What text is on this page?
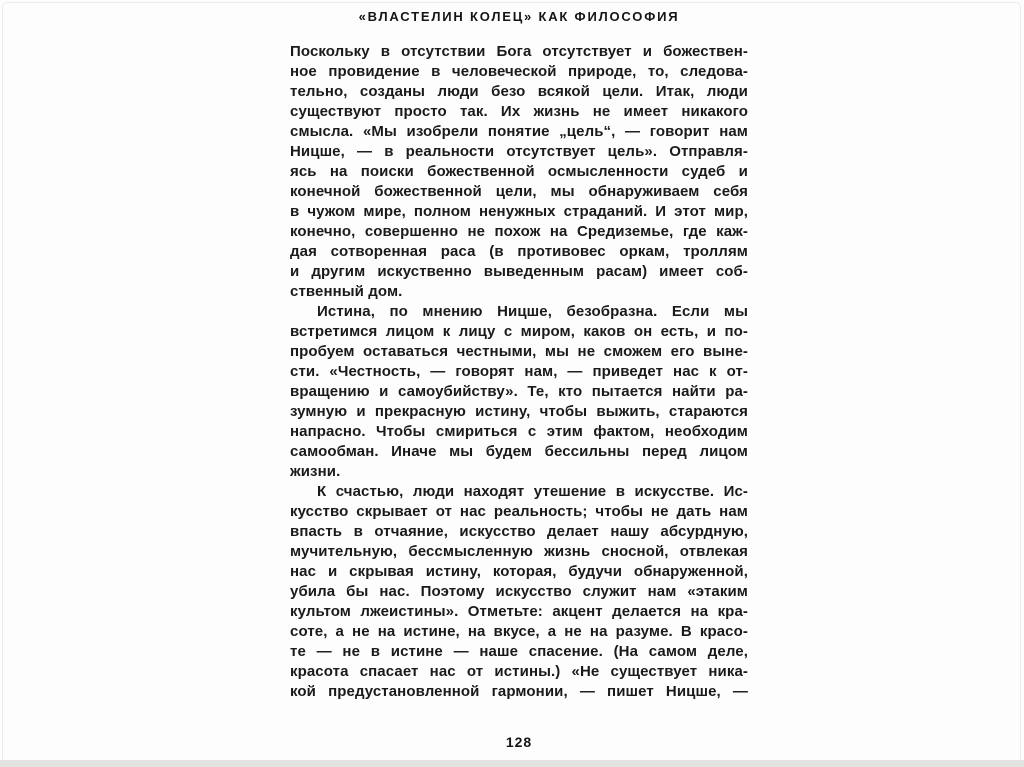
«ВЛАСТЕЛИН КОЛЕЦ» КАК ФИЛОСОФИЯ
Поскольку в отсутствии Бога отсутствует и божествен-
ное провидение в человеческой природе, то, следова-
тельно, созданы люди безо всякой цели. Итак, люди
существуют просто так. Их жизнь не имеет никакого
смысла. «Мы изобрели понятие „цель“, — говорит нам
Ницше, — в реальности отсутствует цель». Отправля-
ясь на поиски божественной осмысленности судеб и
конечной божественной цели, мы обнаруживаем себя
в чужом мире, полном ненужных страданий. И этот мир,
конечно, совершенно не похож на Средиземье, где каж-
дая сотворенная раса (в противовес оркам, троллям
и другим искуственно выведенным расам) имеет соб-
ственный дом.
Истина, по мнению Ницше, безобразна. Если мы
встретимся лицом к лицу с миром, каков он есть, и по-
пробуем оставаться честными, мы не сможем его выне-
сти. «Честность, — говорят нам, — приведет нас к от-
вращению и самоубийству». Те, кто пытается найти ра-
зумную и прекрасную истину, чтобы выжить, стараются
напрасно. Чтобы смириться с этим фактом, необходим
самообман. Иначе мы будем бессильны перед лицом
жизни.
К счастью, люди находят утешение в искусстве. Ис-
кусство скрывает от нас реальность; чтобы не дать нам
впасть в отчаяние, искусство делает нашу абсурдную,
мучительную, бессмысленную жизнь сносной, отвлекая
нас и скрывая истину, которая, будучи обнаруженной,
убила бы нас. Поэтому искусство служит нам «этаким
культом лжеистины». Отметьте: акцент делается на кра-
соте, а не на истине, на вкусе, а не на разуме. В красо-
те — не в истине — наше спасение. (На самом деле,
красота спасает нас от истины.) «Не существует ника-
кой предустановленной гармонии, — пишет Ницше, —
128
